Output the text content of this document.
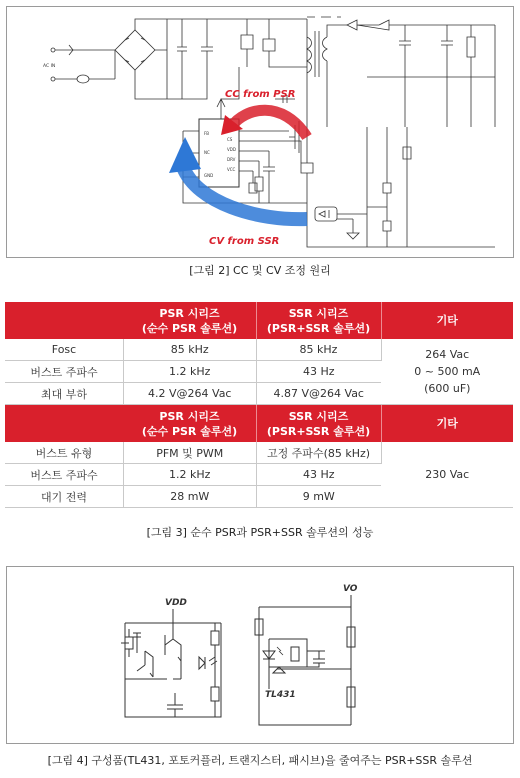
AC IN
FB
NC
GND
CS
VDD
DRV
VCC
CC from PSR
CV from SSR
[그림 2] CC 및 CV 조정 원리
	PSR 시리즈
(순수 PSR 솔루션)	SSR 시리즈
(PSR+SSR 솔루션)	기타
Fosc	85 kHz	85 kHz	264 Vac
0 ~ 500 mA
(600 uF)
버스트 주파수	1.2 kHz	43 Hz	
최대 부하	4.2 V@264 Vac	4.87 V@264 Vac	
	PSR 시리즈
(순수 PSR 솔루션)	SSR 시리즈
(PSR+SSR 솔루션)	기타
버스트 유형	PFM 및 PWM	고정 주파수(85 kHz)	230 Vac
버스트 주파수	1.2 kHz	43 Hz	
대기 전력	28 mW	9 mW	
[그림 3] 순수 PSR과 PSR+SSR 솔루션의 성능
VDD
VO
TL431
[그림 4] 구성품(TL431, 포토커플러, 트랜지스터, 패시브)을 줄여주는 PSR+SSR 솔루션
